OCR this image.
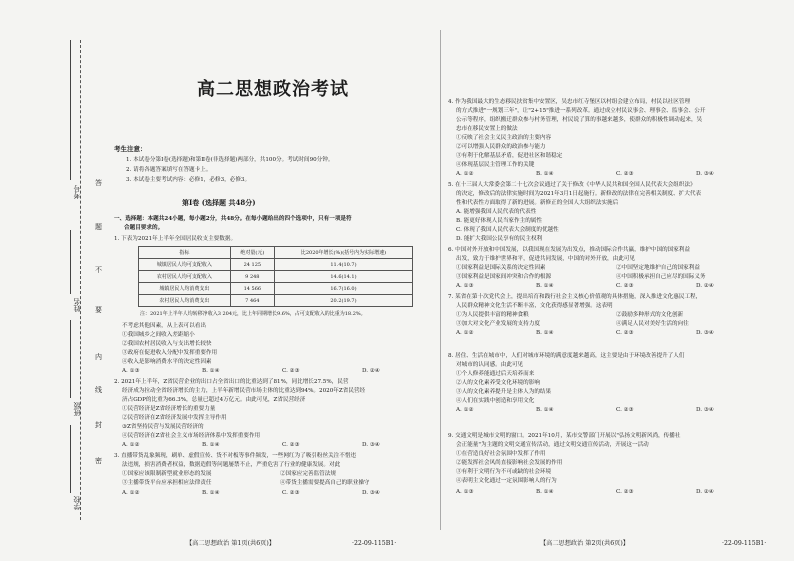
考号
姓名
班级
学校
答
题
不
要
内
线
封
密
高二思想政治考试
考生注意：
1. 本试卷分第Ⅰ卷(选择题)和第Ⅱ卷(非选择题)两部分，共100分。考试时间90分钟。
2. 请将各题答案填写在答题卡上。
3. 本试卷主要考试内容：必修1，必修3，必修3。
第Ⅰ卷 (选择题 共48分)
一、选择题：本题共24小题，每小题2分，共48分。在每小题给出的四个选项中，只有一项是符
合题目要求的。
1. 下表为2021年上半年全国居民收支主要数据。
指标	绝对量(元)	比2020年增长(%)(括号内为实际增速)
城镇居民人均可支配收入	24 125	11.4(10.7)
农村居民人均可支配收入	9 248	14.6(14.1)
城镇居民人均消费支出	14 566	16.7(16.0)
农村居民人均消费支出	7 464	20.2(19.7)
注：2021年上半年人均转移净收入3 204元，比上年同期增长9.6%，占可支配收入的比重为18.2%。
不考虑其他因素，从上表可以看出
①我国城乡之间收入差距缩小
②我国农村居民收入与支出增长较快
③政府在促进收入分配中发挥重要作用
④收入是影响消费水平的决定性因素
A. ①③	B. ①④	C. ②③	D. ②④
2. 2021年上半年，Z省民营企业的出口占全省出口的比重达到了81%，同比增长27.5%，民营
经济成为拉动全省经济增长的主力，上半年新增民营市场主体的比重达到94%。2020年Z省民营经
济占GDP的比重为66.3%，总量已超过4万亿元。由此可见，Z省民营经济
①民营经济是Z省经济增长的重要力量
②民营经济在Z省经济发展中发挥主导作用
③Z省坚持民营与发展民营经济的
④民营经济在Z省社会主义市场经济体系中发挥重要作用
A. ①②	B. ①④	C. ②③	D. ③④
3. 直播带货乱象频现，刷单、虚假宣传、货不对板等事件频发，一些网红为了吸引粉丝关注不惜违
法违规，损害消费者权益，数据造假等问题屡禁不止，严重危害了行业的健康发展。对此
①国家应该限制新型就业形态的发展	②国家应完善监管法规
③主播带货平台应承担相应法律责任	④带货主播需要提高自己的职业操守
A. ①②	B. ①④	C. ②③	D. ③④
【高二思想政治 第1页(共6页)】	·22-09-115B1·
4. 作为我国最大的生态移民扶贫集中安置区，吴忠市红寺堡区以村组会建立布局，村民以社区管理
的方式推进"一规划三年"，让"2+15"推进一系列改革。通过成立村民议事会、理事会、监事会、公开
公示等程序，组织搬迁群众参与村务管理，村民说了算的事越来越多，使群众的积极性调动起来，吴
忠市在移民安置上的做法
①反映了社会主义民主政治的主要内容
②可以增强人民群众的政治参与能力
③有利于化解基层矛盾，促进社区和谐稳定
④体现基层民主管理工作的关键
A. ①②	B. ①④	C. ②③	D. ③④
5. 在十三届人大常委会第二十七次会议通过了关于修改《中华人民共和国全国人民代表大会组织法》
的决定，修改后的法律实施时间为2021年3月1日起施行。新修改的法律在完善相关制度、扩大代表
性和代表性方面取得了新的进展。新修正的全国人大组织法实施后
A. 能增强我国人民代表的代表性
B. 能更好体现人民当家作主的属性
C. 体现了我国人民代表大会制度的优越性
D. 能扩大我国公民享有的民主权利
6. 中国对外开放和中国发展，以我国现在发展为出发点，推动国际合作共赢，维护中国的国家利益
出发，致力于维护世界和平，促进共同发展，中国的对外开放，由此可见
①国家利益是国际关系的决定性因素	②中国坚定地维护自己的国家利益
③国家利益是国家间冲突和合作的根源	④中国积极承担自己应尽的国际义务
A. ①③	B. ①④	C. ②③	D. ②④
7. 某省在第十次党代会上，提出培育和践行社会主义核心价值观的具体措施，深入推进文化惠民工程，
人民群众精神文化生活不断丰富，文化获得感显著增强。这表明
①为人民提供丰富的精神食粮	②鼓励多种形式的文化创新
③加大对文化产业发展的支持力度	④满足人民对美好生活的向往
A. ①②	B. ①④	C. ②③	D. ③④
8. 居住、生活在城市中，人们对城市环境的满意度越来越高，这主要是由于环境改善提升了人们
对城市的认同感。由此可见
①个人修养能通过后天培养而来
②人的文化素养受文化环境的影响
③人的文化素养提升是主体人为的结果
④人们在实践中创造和享用文化
A. ①②	B. ①④	C. ②③	D. ③④
9. 交通文明是城市文明的窗口。2021年10月，某市交警部门开展以"弘扬文明新风尚，传播社
会正能量"为主题的文明交通宣传活动，通过文明交通宣传活动，开展这一活动
①在营造良好社会氛围中发挥了作用
②能发挥社会风尚直接影响社会发展的作用
③有利于文明行为不可或缺的社会环境
④表明主文化通过一定氛围影响人的行为
A. ①③	B. ①④	C. ②③	D. ②④
【高二思想政治 第2页(共6页)】	·22-09-115B1·
